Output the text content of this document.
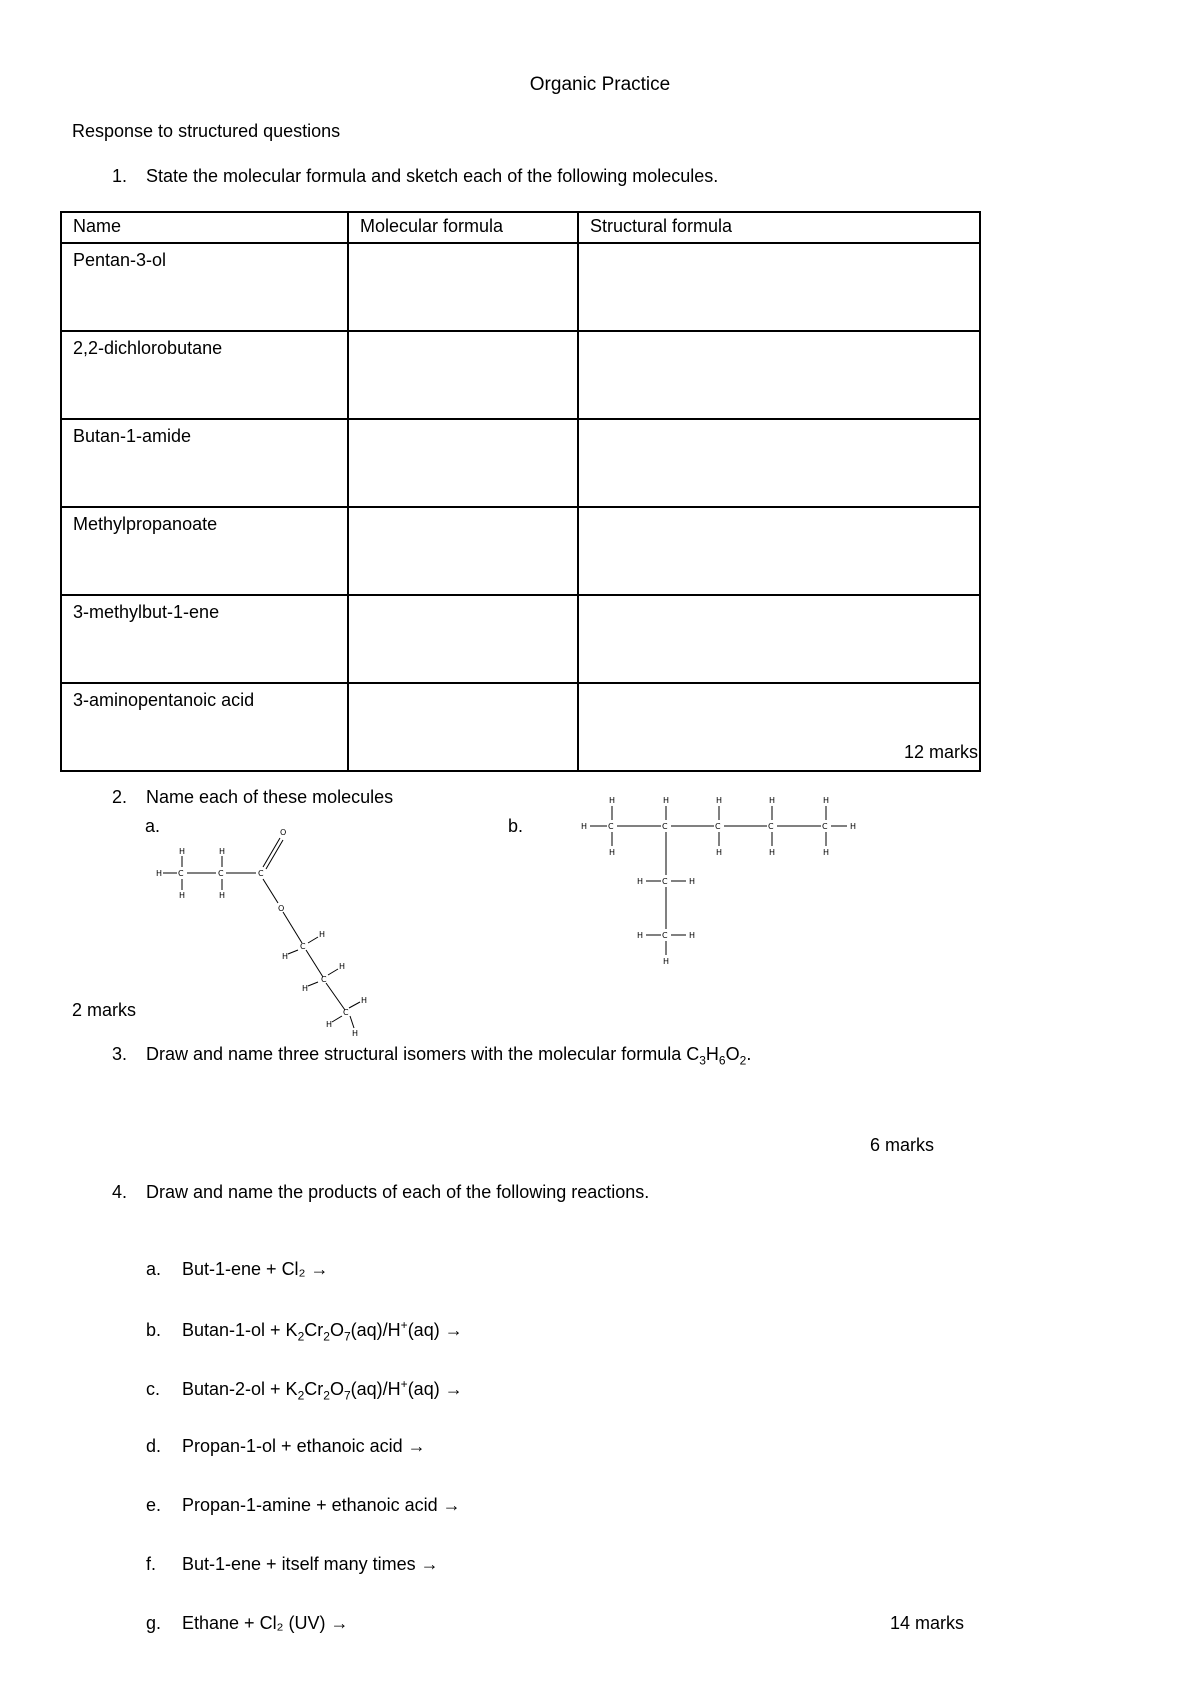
Organic Practice
Response to structured questions
1. State the molecular formula and sketch each of the following molecules.
Name	Molecular formula	Structural formula
Pentan-3-ol		
2,2-dichlorobutane		
Butan-1-amide		
Methylpropanoate		
3-methylbut-1-ene		
3-aminopentanoic acid		
12 marks
2. Name each of these molecules
a.	b.
H C
H
H
C
H
H
C
O
O
C
H
H
C
H
H
C
H
H
H
H	C
H
H
C
H
C
H
H
C
H
H
C
H
H
H
H C	H
H C	H
H
2 marks
3. Draw and name three structural isomers with the molecular formula $C_3H_6O_2$.
6 marks
4. Draw and name the products of each of the following reactions.
a. But-1-ene + Cl₂ →
b. $Butan-1-ol + K_2Cr_2O_7(aq)/H^+(aq)$ →
c. $Butan-2-ol + K_2Cr_2O_7(aq)/H^+(aq)$ →
d. Propan-1-ol + ethanoic acid →
e. Propan-1-amine + ethanoic acid →
f. But-1-ene + itself many times →
g. Ethane + Cl₂ (UV) →	14 marks
